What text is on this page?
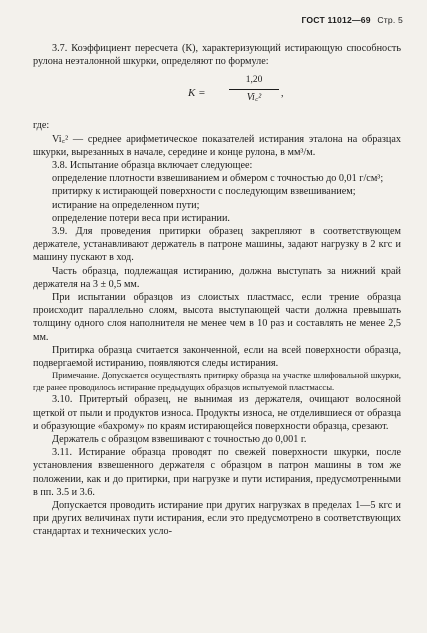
ГОСТ 11012—69 Стр. 5

3.7. Коэффициент пересчета (К), характеризующий истирающую способность рулона неэталонной шкурки, определяют по формуле:

$K = \frac{1,20}{\text{Vi꜀²}}$ ,

где:

Vi꜀² — среднее арифметическое показателей истирания эталона на образцах шкурки, вырезанных в начале, середине и конце рулона, в мм³/м.

3.8. Испытание образца включает следующее:

определение плотности взвешиванием и обмером с точностью до 0,01 г/см³;

притирку к истирающей поверхности с последующим взвешиванием;

истирание на определенном пути;

определение потери веса при истирании.

3.9. Для проведения притирки образец закрепляют в соответствующем держателе, устанавливают держатель в патроне машины, задают нагрузку в 2 кгс и машину пускают в ход.

Часть образца, подлежащая истиранию, должна выступать за нижний край держателя на 3 ± 0,5 мм.

При испытании образцов из слоистых пластмасс, если трение образца происходит параллельно слоям, высота выступающей части должна превышать толщину одного слоя наполнителя не менее чем в 10 раз и составлять не менее 2,5 мм.

Притирка образца считается законченной, если на всей поверхности образца, подвергаемой истиранию, появляются следы истирания.

Примечание. Допускается осуществлять притирку образца на участке шлифовальной шкурки, где ранее проводилось истирание предыдущих образцов испытуемой пластмассы.

3.10. Притертый образец, не вынимая из держателя, очищают волосяной щеткой от пыли и продуктов износа. Продукты износа, не отделившиеся от образца и образующие «бахрому» по краям истирающейся поверхности образца, срезают.

Держатель с образцом взвешивают с точностью до 0,001 г.

3.11. Истирание образца проводят по свежей поверхности шкурки, после установления взвешенного держателя с образцом в патрон машины в том же положении, как и до притирки, при нагрузке и пути истирания, предусмотренными в пп. 3.5 и 3.6.

Допускается проводить истирание при других нагрузках в пределах 1—5 кгс и при других величинах пути истирания, если это предусмотрено в соответствующих стандартах и технических усло-
